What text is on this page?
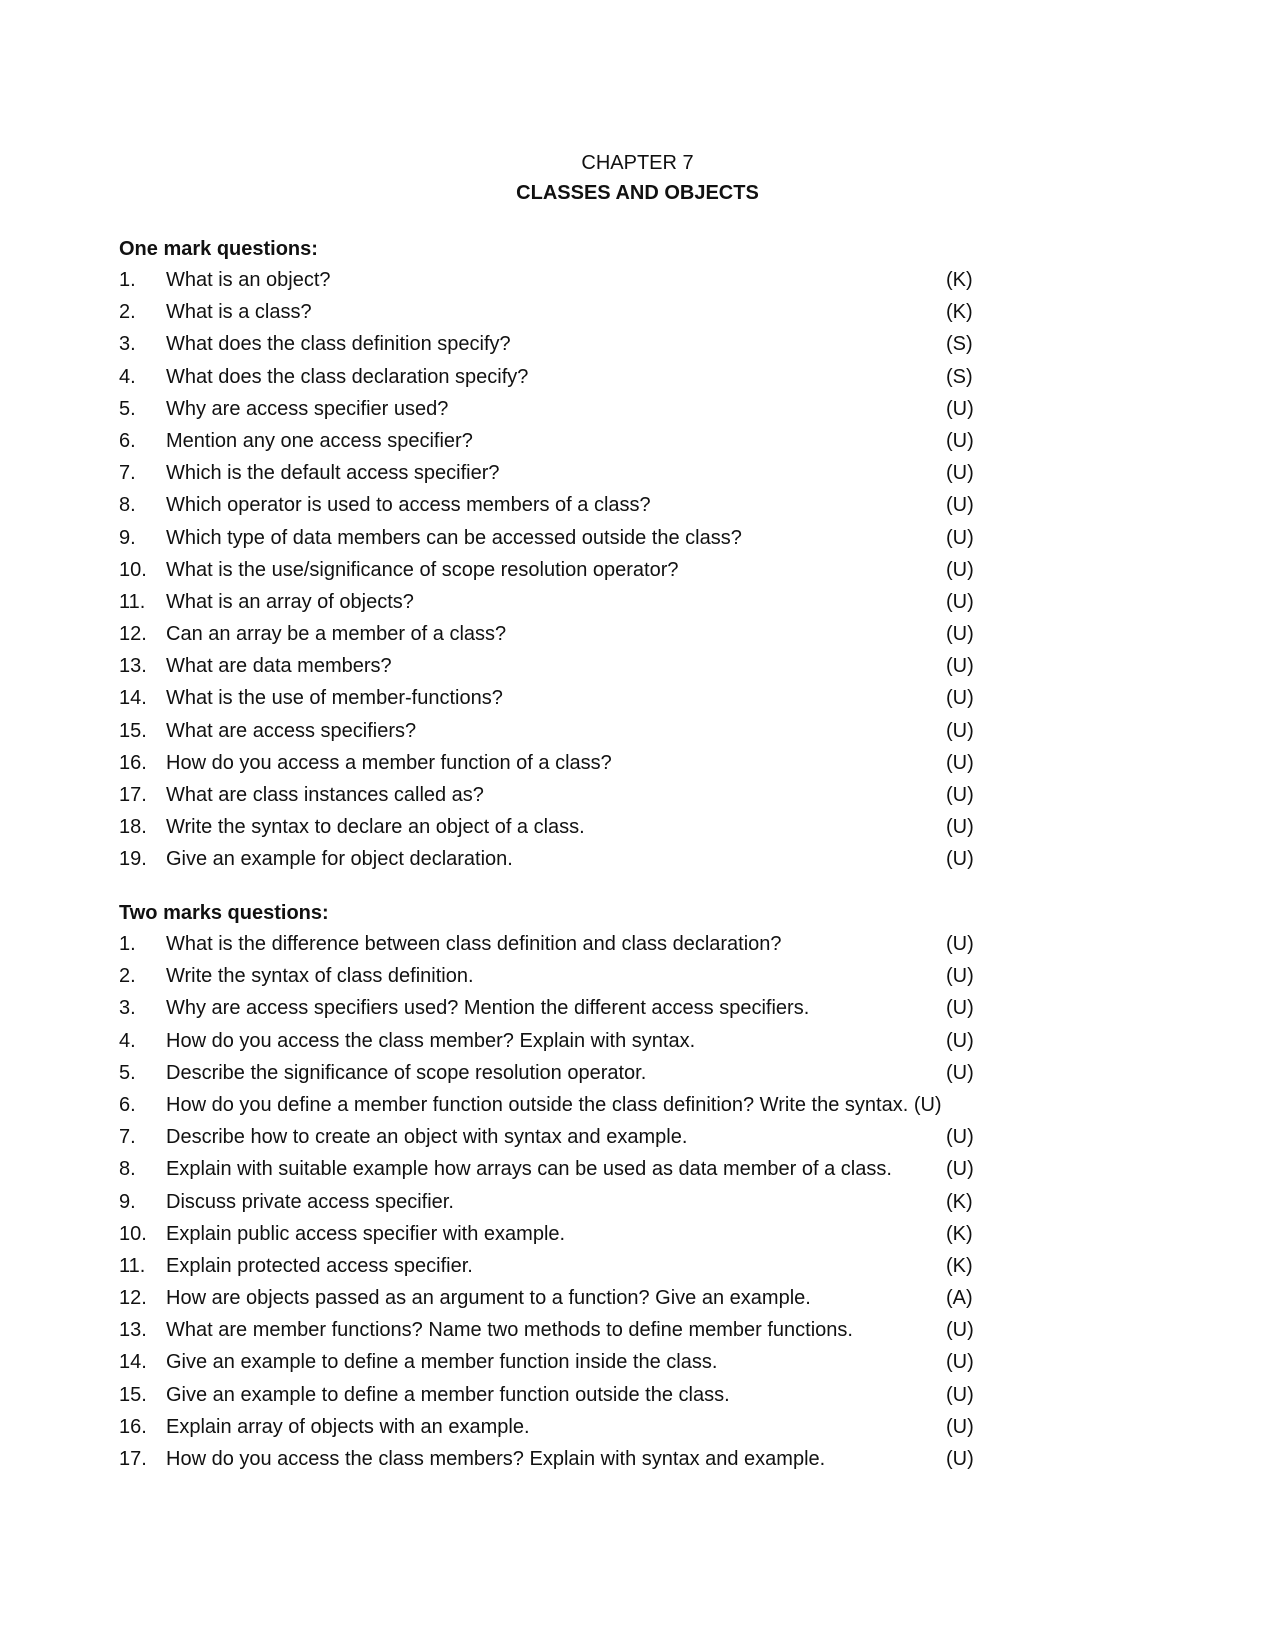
CHAPTER 7
CLASSES AND OBJECTS
One mark questions:
1. What is an object?	(K)
2. What is a class?	(K)
3. What does the class definition specify?	(S)
4. What does the class declaration specify?	(S)
5. Why are access specifier used?	(U)
6. Mention any one access specifier?	(U)
7. Which is the default access specifier?	(U)
8. Which operator is used to access members of a class?	(U)
9. Which type of data members can be accessed outside the class?	(U)
10. What is the use/significance of scope resolution operator?	(U)
11. What is an array of objects?	(U)
12. Can an array be a member of a class?	(U)
13. What are data members?	(U)
14. What is the use of member-functions?	(U)
15. What are access specifiers?	(U)
16. How do you access a member function of a class?	(U)
17. What are class instances called as?	(U)
18. Write the syntax to declare an object of a class.	(U)
19. Give an example for object declaration.	(U)
Two marks questions:
1. What is the difference between class definition and class declaration?	(U)
2. Write the syntax of class definition.	(U)
3. Why are access specifiers used? Mention the different access specifiers.	(U)
4. How do you access the class member? Explain with syntax.	(U)
5. Describe the significance of scope resolution operator.	(U)
6. How do you define a member function outside the class definition? Write the syntax. (U)
7. Describe how to create an object with syntax and example.	(U)
8. Explain with suitable example how arrays can be used as data member of a class.	(U)
9. Discuss private access specifier.	(K)
10. Explain public access specifier with example.	(K)
11. Explain protected access specifier.	(K)
12. How are objects passed as an argument to a function? Give an example.	(A)
13. What are member functions? Name two methods to define member functions.	(U)
14. Give an example to define a member function inside the class.	(U)
15. Give an example to define a member function outside the class.	(U)
16. Explain array of objects with an example.	(U)
17. How do you access the class members? Explain with syntax and example.	(U)
